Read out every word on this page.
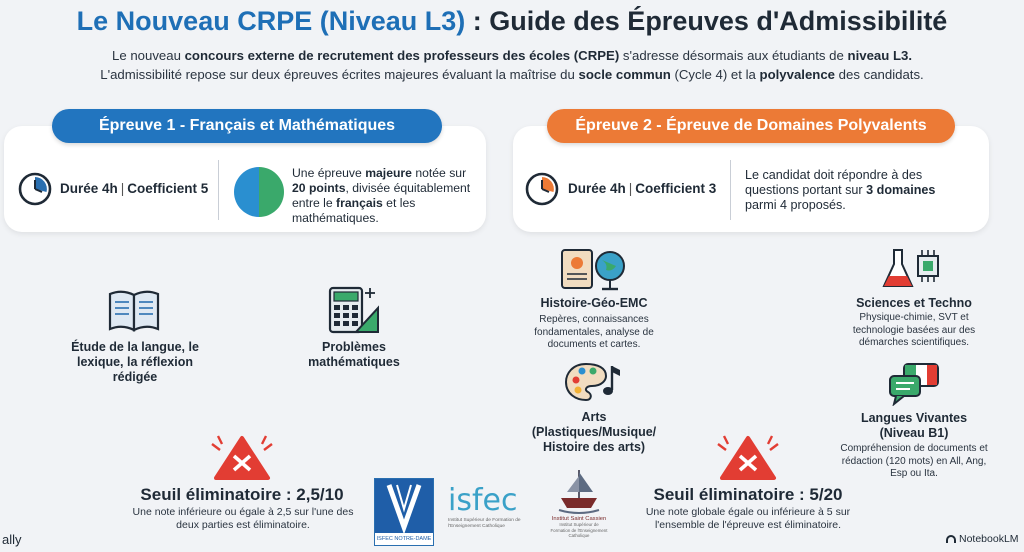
Le Nouveau CRPE (Niveau L3) : Guide des Épreuves d'Admissibilité
Le nouveau concours externe de recrutement des professeurs des écoles (CRPE) s'adresse désormais aux étudiants de niveau L3.
L'admissibilité repose sur deux épreuves écrites majeures évaluant la maîtrise du socle commun (Cycle 4) et la polyvalence des candidats.
Épreuve 1 - Français et Mathématiques
Durée 4h | Coefficient 5
Une épreuve majeure notée sur 20 points, divisée équitablement entre le français et les mathématiques.
Épreuve 2 - Épreuve de Domaines Polyvalents
Durée 4h | Coefficient 3
Le candidat doit répondre à des questions portant sur 3 domaines parmi 4 proposés.
Étude de la langue, le lexique, la réflexion rédigée
Problèmes mathématiques
Seuil éliminatoire : 2,5/10
Une note inférieure ou égale à 2,5 sur l'une des deux parties est éliminatoire.
ISFEC NOTRE-DAME
isfec
Institut Supérieur de Formation de l'Enseignement Catholique
Institut Saint Cassien
Institut Supérieur de Formation de l'Enseignement Catholique
Histoire-Géo-EMC
Repères, connaissances fondamentales, analyse de documents et cartes.
Sciences et Techno
Physique-chimie, SVT et technologie basées aur des démarches scientifiques.
Arts (Plastiques/Musique/ Histoire des arts)
Langues Vivantes (Niveau B1)
Compréhension de documents et rédaction (120 mots) en All, Ang, Esp ou Ita.
Seuil éliminatoire : 5/20
Une note globale égale ou inférieure à 5 sur l'ensemble de l'épreuve est éliminatoire.
ally	NotebookLM
